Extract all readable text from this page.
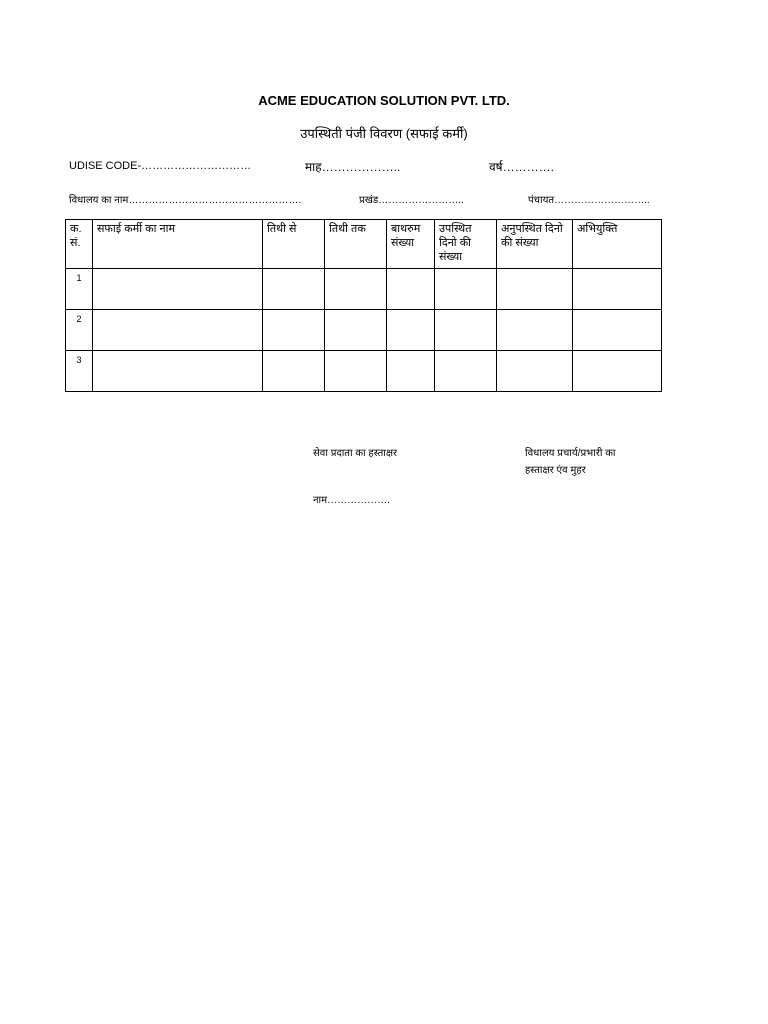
ACME EDUCATION SOLUTION PVT. LTD.
उपस्थिती पंजी विवरण (सफाई कर्मी)
UDISE CODE-…………………………	माह………………..	वर्ष………….
विधालय का नाम…………………………………………….	प्रखंड……………………..	पंचायत………………………..
क. सं.	सफाई कर्मी का नाम	तिथी से	तिथी तक	बाथरुम संख्या	उपस्थित दिनो की संख्या	अनुपस्थित दिनो की संख्या	अभियुक्ति
1							
2							
3							
सेवा प्रदाता का हस्ताक्षर	विधालय प्रचार्य/प्रभारी का
हस्ताक्षर एंव मुहर
नाम……………….
